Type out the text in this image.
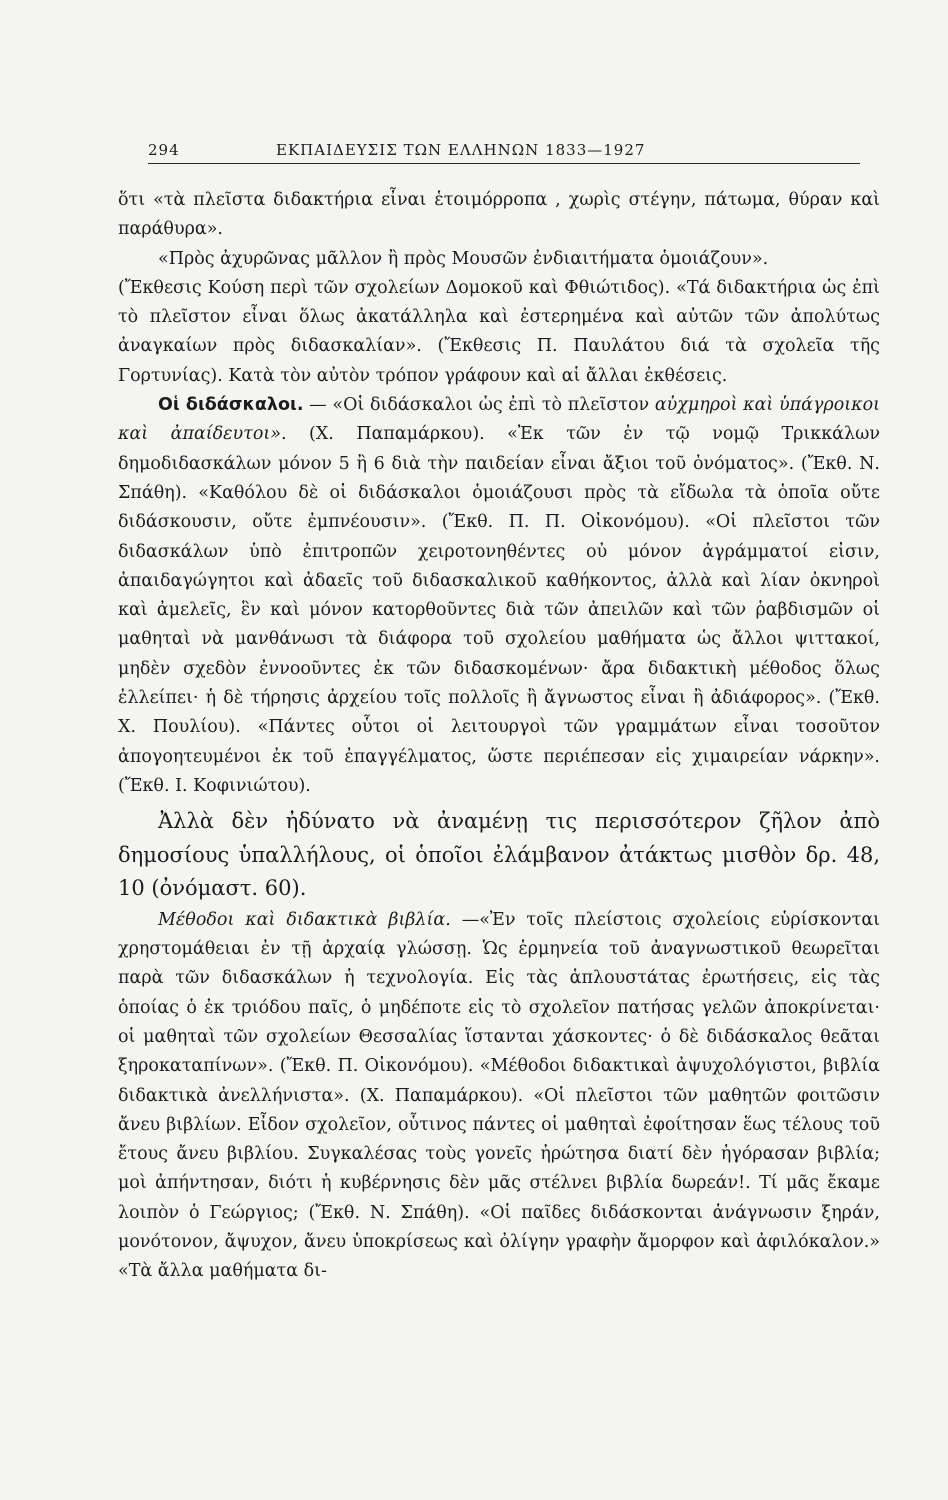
294	ΕΚΠΑΙΔΕΥΣΙΣ ΤΩΝ ΕΛΛΗΝΩΝ 1833—1927

ὅτι «τὰ πλεῖστα διδακτήρια εἶναι ἑτοιμόρροπα , χωρὶς στέγην, πάτωμα, θύραν καὶ παράθυρα».

«Πρὸς ἀχυρῶνας μᾶλλον ἢ πρὸς Μουσῶν ἐνδιαιτήματα ὁμοιάζουν».

(Ἔκθεσις Κούση περὶ τῶν σχολείων Δομοκοῦ καὶ Φθιώτιδος). «Τά διδακτήρια ὡς ἐπὶ τὸ πλεῖστον εἶναι ὅλως ἀκατάλληλα καὶ ἐστερημένα καὶ αὐτῶν τῶν ἀπολύτως ἀναγκαίων πρὸς διδασκαλίαν». (Ἔκθεσις Π. Παυλάτου διά τὰ σχολεῖα τῆς Γορτυνίας). Κατὰ τὸν αὐτὸν τρόπον γράφουν καὶ αἱ ἄλλαι ἐκθέσεις.

Οἱ διδάσκαλοι. — «Οἱ διδάσκαλοι ὡς ἐπὶ τὸ πλεῖστον αὐχμηροὶ καὶ ὑπάγροικοι καὶ ἀπαίδευτοι». (Χ. Παπαμάρκου). «Ἐκ τῶν ἐν τῷ νομῷ Τρικκάλων δημοδιδασκάλων μόνον 5 ἢ 6 διὰ τὴν παιδείαν εἶναι ἄξιοι τοῦ ὀνόματος». (Ἔκθ. Ν. Σπάθη). «Καθόλου δὲ οἱ διδάσκαλοι ὁμοιάζουσι πρὸς τὰ εἴδωλα τὰ ὁποῖα οὔτε διδάσκουσιν, οὔτε ἐμπνέουσιν». (Ἔκθ. Π. Π. Οἰκονόμου). «Οἱ πλεῖστοι τῶν διδασκάλων ὑπὸ ἐπιτροπῶν χειροτονηθέντες οὐ μόνον ἀγράμματοί εἰσιν, ἀπαιδαγώγητοι καὶ ἀδαεῖς τοῦ διδασκαλικοῦ καθήκοντος, ἀλλὰ καὶ λίαν ὀκνηροὶ καὶ ἀμελεῖς, ἓν καὶ μόνον κατορθοῦντες διὰ τῶν ἀπειλῶν καὶ τῶν ῥαβδισμῶν οἱ μαθηταὶ νὰ μανθάνωσι τὰ διάφορα τοῦ σχολείου μαθήματα ὡς ἄλλοι ψιττακοί, μηδὲν σχεδὸν ἐννοοῦντες ἐκ τῶν διδασκομένων· ἄρα διδακτικὴ μέθοδος ὅλως ἐλλείπει· ἡ δὲ τήρησις ἀρχείου τοῖς πολλοῖς ἢ ἄγνωστος εἶναι ἢ ἀδιάφορος». (Ἔκθ. Χ. Πουλίου). «Πάντες οὗτοι οἱ λειτουργοὶ τῶν γραμμάτων εἶναι τοσοῦτον ἀπογοητευμένοι ἐκ τοῦ ἐπαγγέλματος, ὥστε περιέπεσαν εἰς χιμαιρείαν νάρκην». (Ἔκθ. Ι. Κοφινιώτου).

Ἀλλὰ δὲν ἠδύνατο νὰ ἀναμένῃ τις περισσότερον ζῆλον ἀπὸ δημοσίους ὑπαλλήλους, οἱ ὁποῖοι ἐλάμβανον ἀτάκτως μισθὸν δρ. 48, 10 (ὀνόμαστ. 60).

Μέθοδοι καὶ διδακτικὰ βιβλία. —«Ἐν τοῖς πλείστοις σχολείοις εὑρίσκονται χρηστομάθειαι ἐν τῇ ἀρχαίᾳ γλώσσῃ. Ὡς ἑρμηνεία τοῦ ἀναγνωστικοῦ θεωρεῖται παρὰ τῶν διδασκάλων ἡ τεχνολογία. Εἰς τὰς ἁπλουστάτας ἐρωτήσεις, εἰς τὰς ὁποίας ὁ ἐκ τριόδου παῖς, ὁ μηδέποτε εἰς τὸ σχολεῖον πατήσας γελῶν ἀποκρίνεται· οἱ μαθηταὶ τῶν σχολείων Θεσσαλίας ἵστανται χάσκοντες· ὁ δὲ διδάσκαλος θεᾶται ξηροκαταπίνων». (Ἔκθ. Π. Οἰκονόμου). «Μέθοδοι διδακτικαὶ ἀψυχολόγιστοι, βιβλία διδακτικὰ ἀνελλήνιστα». (Χ. Παπαμάρκου). «Οἱ πλεῖστοι τῶν μαθητῶν φοιτῶσιν ἄνευ βιβλίων. Εἶδον σχολεῖον, οὗτινος πάντες οἱ μαθηταὶ ἐφοίτησαν ἕως τέλους τοῦ ἔτους ἄνευ βιβλίου. Συγκαλέσας τοὺς γονεῖς ἠρώτησα διατί δὲν ἠγόρασαν βιβλία; μοὶ ἀπήντησαν, διότι ἡ κυβέρνησις δὲν μᾶς στέλνει βιβλία δωρεάν!. Τί μᾶς ἔκαμε λοιπὸν ὁ Γεώργιος; (Ἔκθ. Ν. Σπάθη). «Οἱ παῖδες διδάσκονται ἀνάγνωσιν ξηράν, μονότονον, ἄψυχον, ἄνευ ὑποκρίσεως καὶ ὀλίγην γραφὴν ἄμορφον καὶ ἀφιλόκαλον.» «Τὰ ἄλλα μαθήματα δι-
